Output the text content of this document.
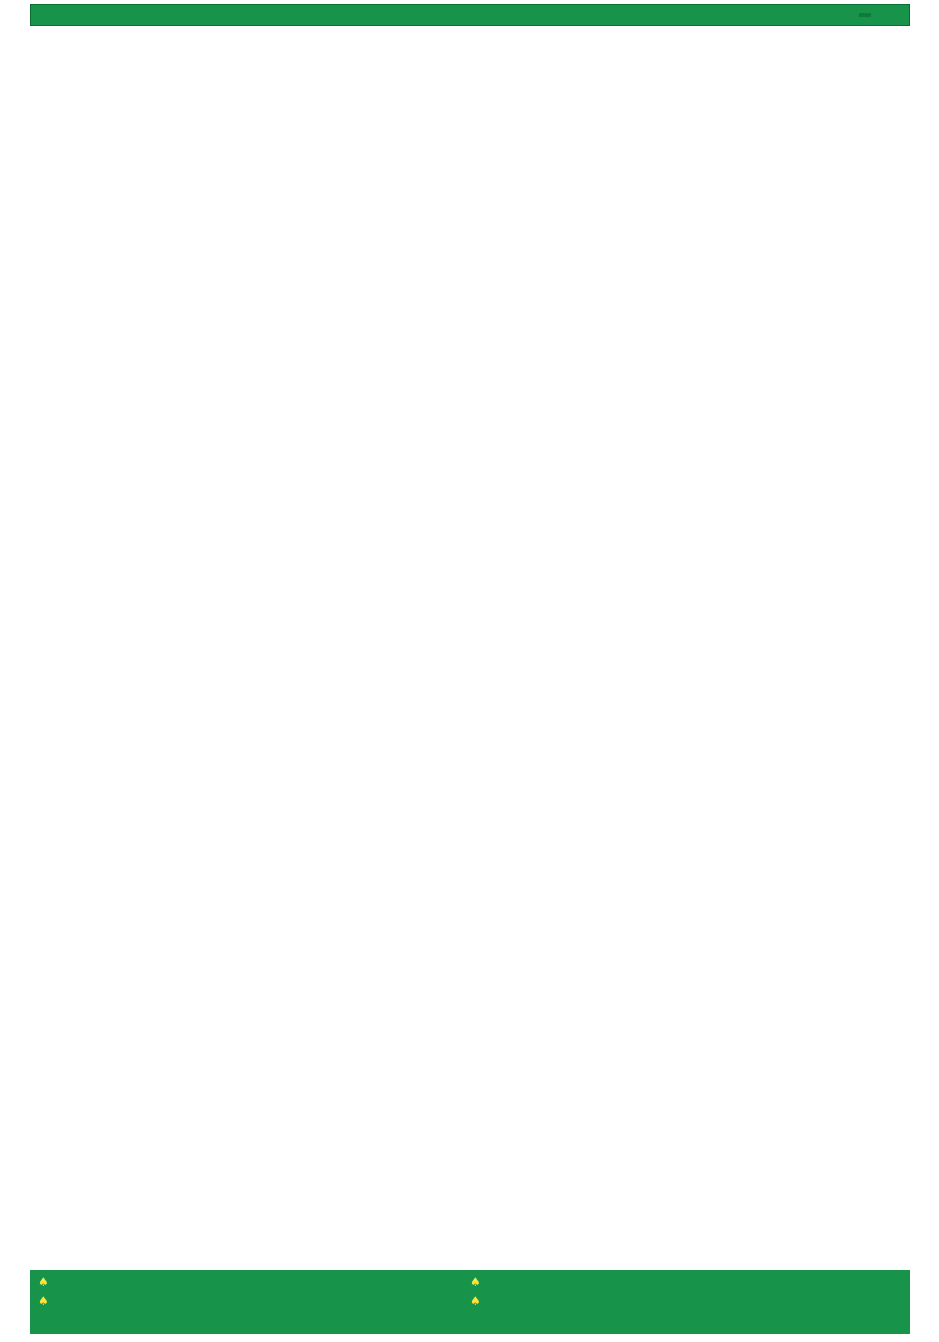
♠
♠
♠
♠
